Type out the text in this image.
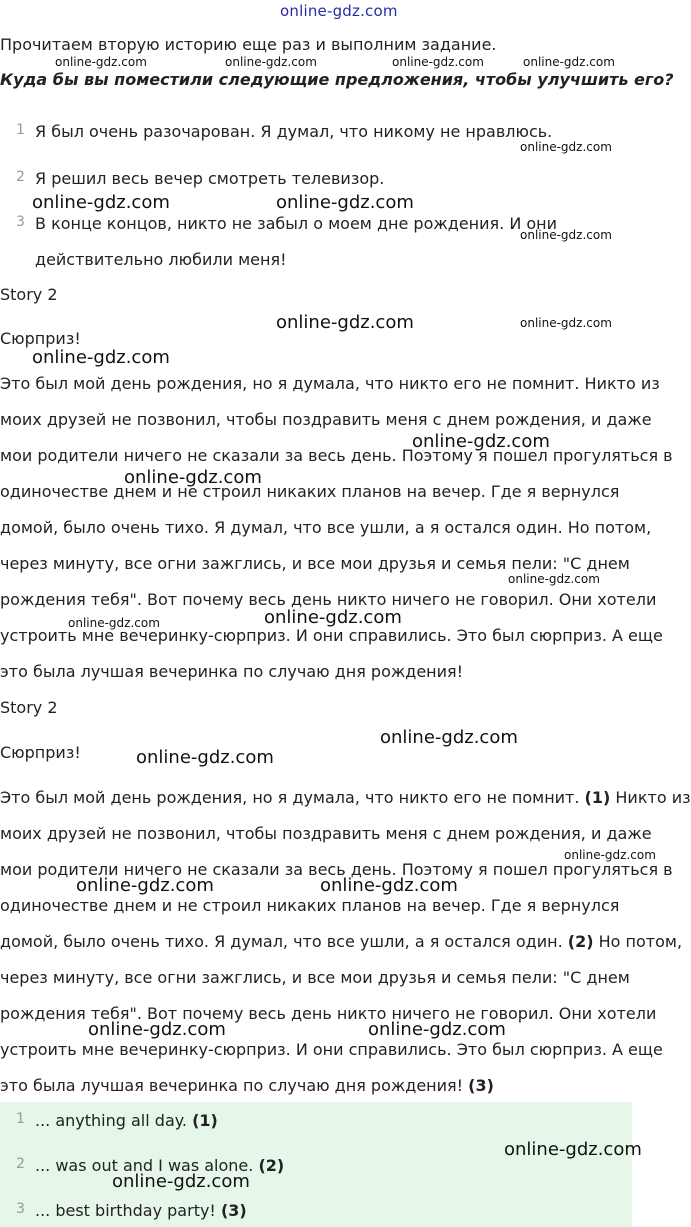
online-gdz.com
Прочитаем вторую историю еще раз и выполним задание.
Куда бы вы поместили следующие предложения, чтобы улучшить его?
1 Я был очень разочарован. Я думал, что никому не нравлюсь.
2 Я решил весь вечер смотреть телевизор.
3 В конце концов, никто не забыл о моем дне рождения. И они
действительно любили меня!
Story 2
Сюрприз!
Это был мой день рождения, но я думала, что никто его не помнит. Никто из
моих друзей не позвонил, чтобы поздравить меня с днем рождения, и даже
мои родители ничего не сказали за весь день. Поэтому я пошел прогуляться в
одиночестве днем и не строил никаких планов на вечер. Где я вернулся
домой, было очень тихо. Я думал, что все ушли, а я остался один. Но потом,
через минуту, все огни зажглись, и все мои друзья и семья пели: "С днем
рождения тебя". Вот почему весь день никто ничего не говорил. Они хотели
устроить мне вечеринку-сюрприз. И они справились. Это был сюрприз. А еще
это была лучшая вечеринка по случаю дня рождения!
Story 2
Сюрприз!
Это был мой день рождения, но я думала, что никто его не помнит. (1) Никто из
моих друзей не позвонил, чтобы поздравить меня с днем рождения, и даже
мои родители ничего не сказали за весь день. Поэтому я пошел прогуляться в
одиночестве днем и не строил никаких планов на вечер. Где я вернулся
домой, было очень тихо. Я думал, что все ушли, а я остался один. (2) Но потом,
через минуту, все огни зажглись, и все мои друзья и семья пели: "С днем
рождения тебя". Вот почему весь день никто ничего не говорил. Они хотели
устроить мне вечеринку-сюрприз. И они справились. Это был сюрприз. А еще
это была лучшая вечеринка по случаю дня рождения! (3)
1 ... anything all day. (1)
2 ... was out and I was alone. (2)
3 ... best birthday party! (3)
online-gdz.com	online-gdz.com	online-gdz.com	online-gdz.com
online-gdz.com
online-gdz.com	online-gdz.com
online-gdz.com
online-gdz.com	online-gdz.com
online-gdz.com
online-gdz.com
online-gdz.com
online-gdz.com
online-gdz.com
online-gdz.com
online-gdz.com
online-gdz.com
online-gdz.com
online-gdz.com	online-gdz.com
online-gdz.com	online-gdz.com
online-gdz.com
online-gdz.com
